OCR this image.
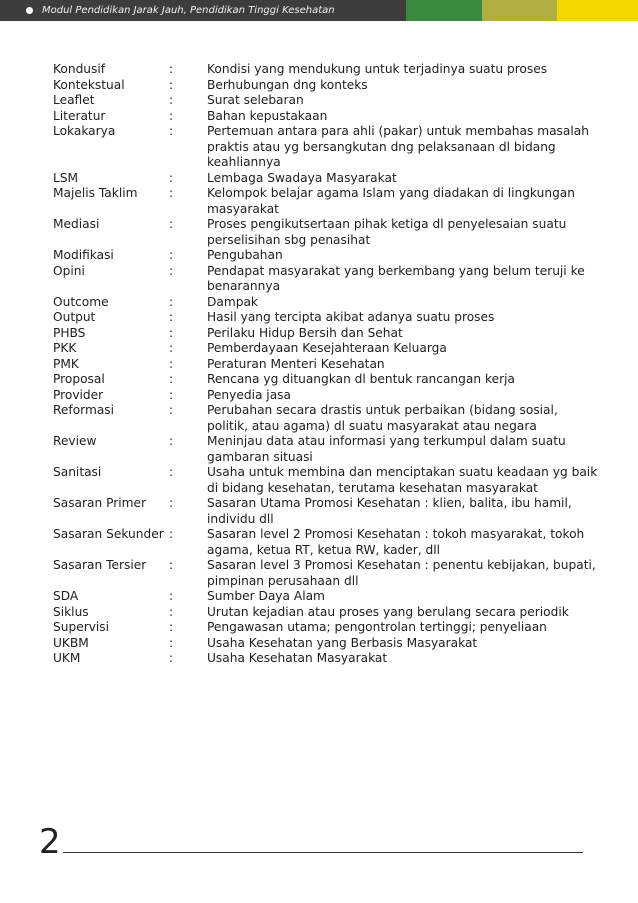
Modul Pendidikan Jarak Jauh, Pendidikan Tinggi Kesehatan
Kondusif	:	Kondisi yang mendukung untuk terjadinya suatu proses
Kontekstual	:	Berhubungan dng konteks
Leaflet	:	Surat selebaran
Literatur	:	Bahan kepustakaan
Lokakarya	:	Pertemuan antara para ahli (pakar) untuk membahas masalah praktis atau yg bersangkutan dng pelaksanaan dl bidang keahliannya
LSM	:	Lembaga Swadaya Masyarakat
Majelis Taklim	:	Kelompok belajar agama Islam yang diadakan di lingkungan masyarakat
Mediasi	:	Proses pengikutsertaan pihak ketiga dl penyelesaian suatu perselisihan sbg penasihat
Modifikasi	:	Pengubahan
Opini	:	Pendapat masyarakat yang berkembang yang belum teruji ke benarannya
Outcome	:	Dampak
Output	:	Hasil yang tercipta akibat adanya suatu proses
PHBS	:	Perilaku Hidup Bersih dan Sehat
PKK	:	Pemberdayaan Kesejahteraan Keluarga
PMK	:	Peraturan Menteri Kesehatan
Proposal	:	Rencana yg dituangkan dl bentuk rancangan kerja
Provider	:	Penyedia jasa
Reformasi	:	Perubahan secara drastis untuk perbaikan (bidang sosial, politik, atau agama) dl suatu masyarakat atau negara
Review	:	Meninjau data atau informasi yang terkumpul dalam suatu gambaran situasi
Sanitasi	:	Usaha untuk membina dan menciptakan suatu keadaan yg baik di bidang kesehatan, terutama kesehatan masyarakat
Sasaran Primer	:	Sasaran Utama Promosi Kesehatan : klien, balita, ibu hamil, individu dll
Sasaran Sekunder :	Sasaran level 2 Promosi Kesehatan : tokoh masyarakat, tokoh agama, ketua RT, ketua RW, kader, dll
Sasaran Tersier	:	Sasaran level 3 Promosi Kesehatan : penentu kebijakan, bupati, pimpinan perusahaan dll
SDA	:	Sumber Daya Alam
Siklus	:	Urutan kejadian atau proses yang berulang secara periodik
Supervisi	:	Pengawasan utama; pengontrolan tertinggi; penyeliaan
UKBM	:	Usaha Kesehatan yang Berbasis Masyarakat
UKM	:	Usaha Kesehatan Masyarakat
2
